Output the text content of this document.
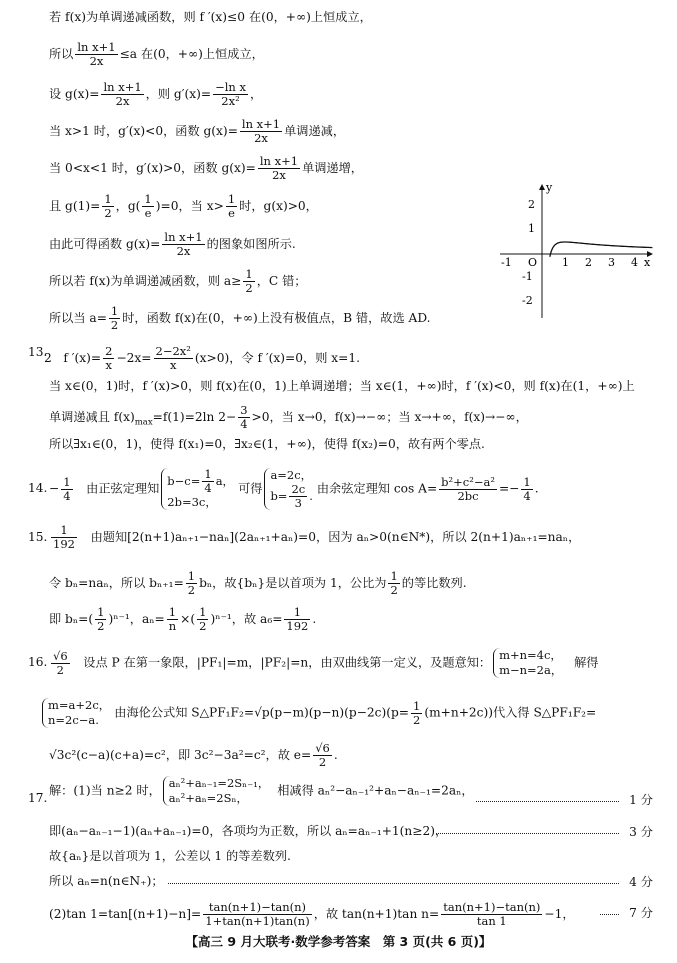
若 f(x)为单调递减函数，则 f ′(x)≤0 在(0，+∞)上恒成立，
所以 $\frac{\text{ln x+1}}{2x} \le a$ 在(0，+∞)上恒成立，
设 $g(x)= \frac{\text{ln x+1}}{2x}$ ，则 $g'(x)= \frac{\text{−ln x}}{\text{2x²}}$ ，
当 x>1 时，g′(x)<0，函数 $g(x)= \frac{\text{ln x+1}}{2x}$ 单调递减，
当 0<x<1 时，g′(x)>0，函数 $g(x)= \frac{\text{ln x+1}}{2x}$ 单调递增，
且 $g(1)= \frac{1}{2}$ ，$g( \frac{1}{e} )=0$，当 $x> \frac{1}{e}$ 时，g(x)>0，
由此可得函数 $g(x)= \frac{\text{ln x+1}}{2x}$ 的图象如图所示.
所以若 f(x)为单调递减函数，则 $a\ge \frac{1}{2}$ ，C 错；
所以当 $a= \frac{1}{2}$ 时，函数 f(x)在(0，+∞)上没有极值点，B 错，故选 AD.
y
x
-1 O 1 2 3 4
2
1
-1
-2
13.
2 f $'(x)= \frac{2}{x} -2x= \frac{\text{2−2x²}}{x} (x>0)$，令 f ′(x)=0，则 x=1.
当 x∈(0，1)时，f ′(x)>0，则 f(x)在(0，1)上单调递增；当 x∈(1，+∞)时，f ′(x)<0，则 f(x)在(1，+∞)上
单调递减且 $f(x)_{max}=f(1)=2\ln$ $2- \frac{3}{4} >0$，当 x→0，f(x)→−∞；当 x→+∞，f(x)→−∞，
所以∃x₁∈(0，1)，使得 f(x₁)=0，∃x₂∈(1，+∞)，使得 f(x₂)=0，故有两个零点.
14. − $\frac{1}{4}$ 由正弦定理知$b-c= \frac{1}{4}$ a，
2b=3c，可得a=2c，
$b= \frac{2c}{3}$ . 由余弦定理知 $\cos A= \frac{\text{b²+c²−a²}}{2bc} =- \frac{1}{4}$ .
15. $\frac{1}{192}$ 由题知[2(n+1)aₙ₊₁−naₙ](2aₙ₊₁+aₙ)=0，因为 aₙ>0(n∈N*)，所以 2(n+1)aₙ₊₁=naₙ，
令 bₙ=naₙ，所以 $b_{n+1}= \frac{1}{2}$ bₙ，故{bₙ}是以首项为 1，公比为 $\frac{1}{2}$ 的等比数列.
即 $b_n=( \frac{1}{2} )^{n-1}$，$a_n= \frac{1}{n}$ ×( $\frac{1}{2} )^{n-1}$，故 $a_6= \frac{1}{192}$ .
16. $\frac{√6}{2}$ 设点 P 在第一象限，|PF₁|=m，|PF₂|=n，由双曲线第一定义，及题意知：m+n=4c，
m−n=2a，  解得
m=a+2c，
n=2c−a.由海伦公式知 S△PF₁F₂=√p(p−m)(p−n)(p−2c)(p= $\frac{1}{2} (m+n+2c)$)代入得 S△PF₁F₂=
√3c²(c−a)(c+a)=c²，即 3c²−3a²=c²，故 $e= \frac{√6}{2}$ .
17.
解：(1)当 n≥2 时，aₙ²+aₙ₋₁=2Sₙ₋₁，
aₙ²+aₙ=2Sₙ， 相减得 aₙ²−aₙ₋₁²+aₙ−aₙ₋₁=2aₙ，
1 分
即(aₙ−aₙ₋₁−1)(aₙ+aₙ₋₁)=0，各项均为正数，所以 aₙ=aₙ₋₁+1(n≥2)，	3 分
故{aₙ}是以首项为 1，公差以 1 的等差数列.
所以 aₙ=n(n∈N₊)；	4 分
(2)tan $1=\tan[(n+1)-n]= \frac{\tan(n+1)-\tan(n)}{1+\tan(n+1)\tan(n)}$ ，故 tan(n+1)tan $n= \frac{\tan(n+1)-\tan(n)}{\tan 1} -1$，	7 分
【高三 9 月大联考·数学参考答案　第 3 页(共 6 页)】
